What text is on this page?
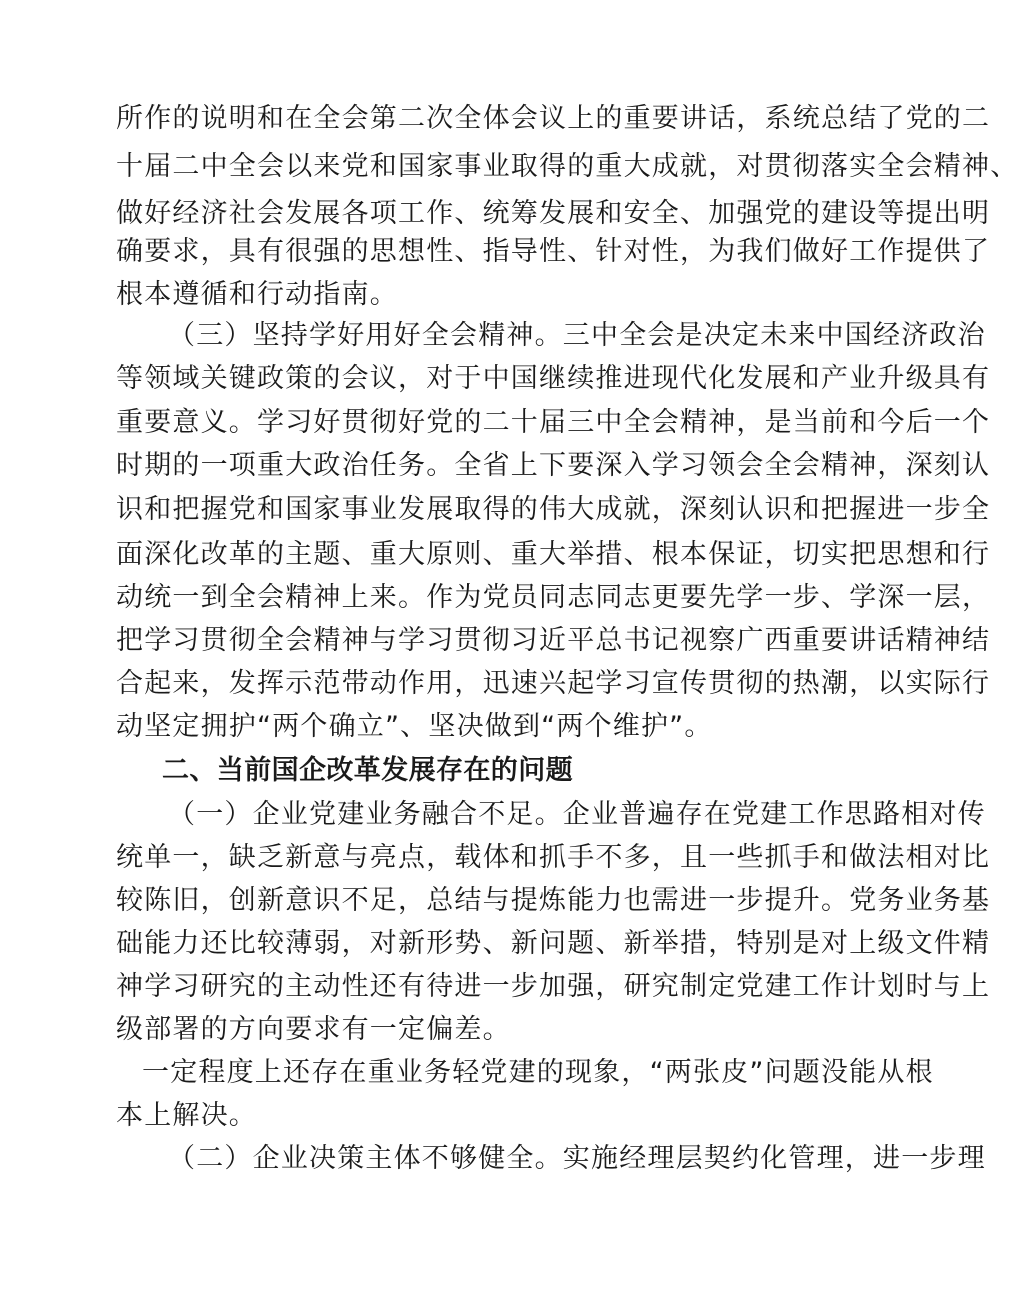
所作的说明和在全会第二次全体会议上的重要讲话，系统总结了党的二
十届二中全会以来党和国家事业取得的重大成就，对贯彻落实全会精神、
做好经济社会发展各项工作、统筹发展和安全、加强党的建设等提出明
确要求，具有很强的思想性、指导性、针对性，为我们做好工作提供了
根本遵循和行动指南。
（三）坚持学好用好全会精神。三中全会是决定未来中国经济政治
等领域关键政策的会议，对于中国继续推进现代化发展和产业升级具有
重要意义。学习好贯彻好党的二十届三中全会精神，是当前和今后一个
时期的一项重大政治任务。全省上下要深入学习领会全会精神，深刻认
识和把握党和国家事业发展取得的伟大成就，深刻认识和把握进一步全
面深化改革的主题、重大原则、重大举措、根本保证，切实把思想和行
动统一到全会精神上来。作为党员同志同志更要先学一步、学深一层，
把学习贯彻全会精神与学习贯彻习近平总书记视察广西重要讲话精神结
合起来，发挥示范带动作用，迅速兴起学习宣传贯彻的热潮，以实际行
动坚定拥护“两个确立”、坚决做到“两个维护”。
二、当前国企改革发展存在的问题
（一）企业党建业务融合不足。企业普遍存在党建工作思路相对传
统单一，缺乏新意与亮点，载体和抓手不多，且一些抓手和做法相对比
较陈旧，创新意识不足，总结与提炼能力也需进一步提升。党务业务基
础能力还比较薄弱，对新形势、新问题、新举措，特别是对上级文件精
神学习研究的主动性还有待进一步加强，研究制定党建工作计划时与上
级部署的方向要求有一定偏差。
一定程度上还存在重业务轻党建的现象，“两张皮”问题没能从根
本上解决。
（二）企业决策主体不够健全。实施经理层契约化管理，进一步理
